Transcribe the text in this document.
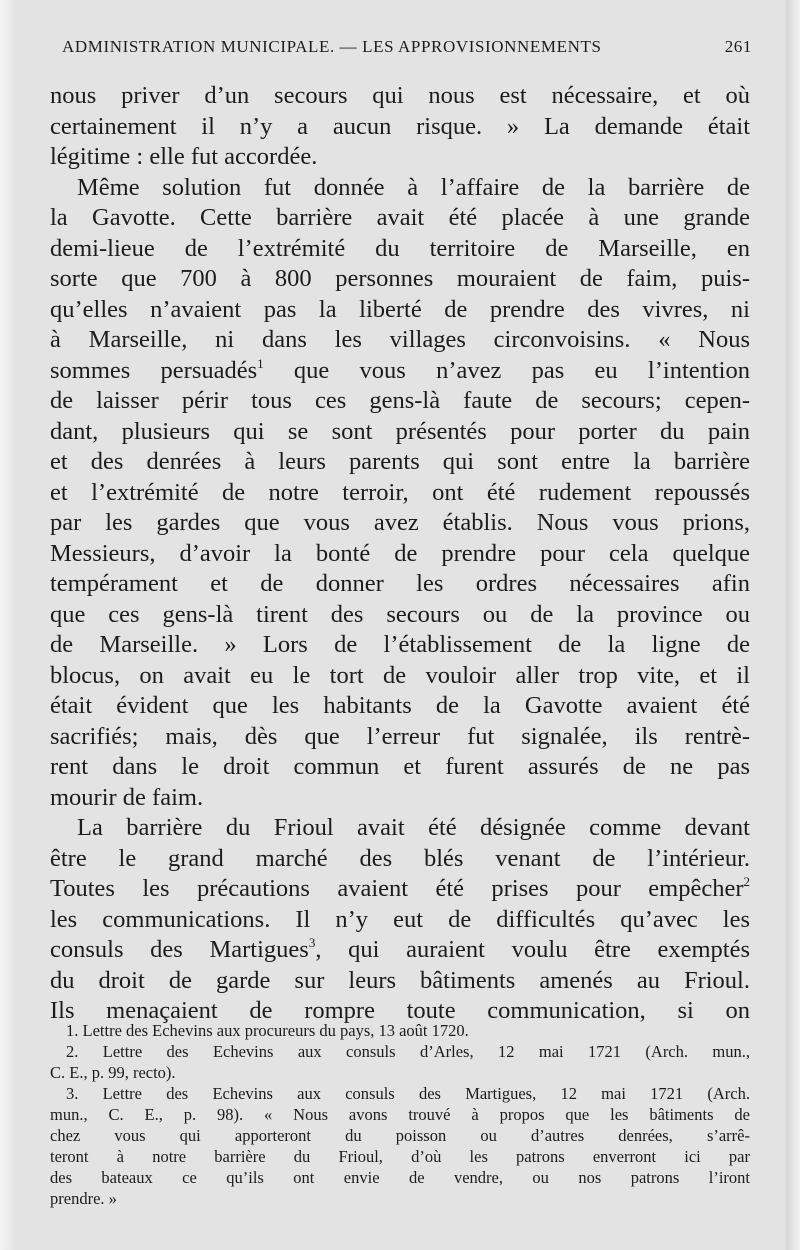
ADMINISTRATION MUNICIPALE. — LES APPROVISIONNEMENTS	261
nous priver d’un secours qui nous est nécessaire, et où
certainement il n’y a aucun risque. » La demande était
légitime : elle fut accordée.
Même solution fut donnée à l’affaire de la barrière de
la Gavotte. Cette barrière avait été placée à une grande
demi-lieue de l’extrémité du territoire de Marseille, en
sorte que 700 à 800 personnes mouraient de faim, puis-
qu’elles n’avaient pas la liberté de prendre des vivres, ni
à Marseille, ni dans les villages circonvoisins. « Nous
sommes persuadés$^1$ que vous n’avez pas eu l’intention
de laisser périr tous ces gens-là faute de secours; cepen-
dant, plusieurs qui se sont présentés pour porter du pain
et des denrées à leurs parents qui sont entre la barrière
et l’extrémité de notre terroir, ont été rudement repoussés
par les gardes que vous avez établis. Nous vous prions,
Messieurs, d’avoir la bonté de prendre pour cela quelque
tempérament et de donner les ordres nécessaires afin
que ces gens-là tirent des secours ou de la province ou
de Marseille. » Lors de l’établissement de la ligne de
blocus, on avait eu le tort de vouloir aller trop vite, et il
était évident que les habitants de la Gavotte avaient été
sacrifiés; mais, dès que l’erreur fut signalée, ils rentrè-
rent dans le droit commun et furent assurés de ne pas
mourir de faim.
La barrière du Frioul avait été désignée comme devant
être le grand marché des blés venant de l’intérieur.
Toutes les précautions avaient été prises pour empêcher$^2$
les communications. Il n’y eut de difficultés qu’avec les
consuls des Martigues$^3$, qui auraient voulu être exemptés
du droit de garde sur leurs bâtiments amenés au Frioul.
Ils menaçaient de rompre toute communication, si on
1. Lettre des Echevins aux procureurs du pays, 13 août 1720.
2. Lettre des Echevins aux consuls d’Arles, 12 mai 1721 (Arch. mun.,
C. E., p. 99, recto).
3. Lettre des Echevins aux consuls des Martigues, 12 mai 1721 (Arch.
mun., C. E., p. 98). « Nous avons trouvé à propos que les bâtiments de
chez vous qui apporteront du poisson ou d’autres denrées, s’arrê-
teront à notre barrière du Frioul, d’où les patrons enverront ici par
des bateaux ce qu’ils ont envie de vendre, ou nos patrons l’iront
prendre. »
